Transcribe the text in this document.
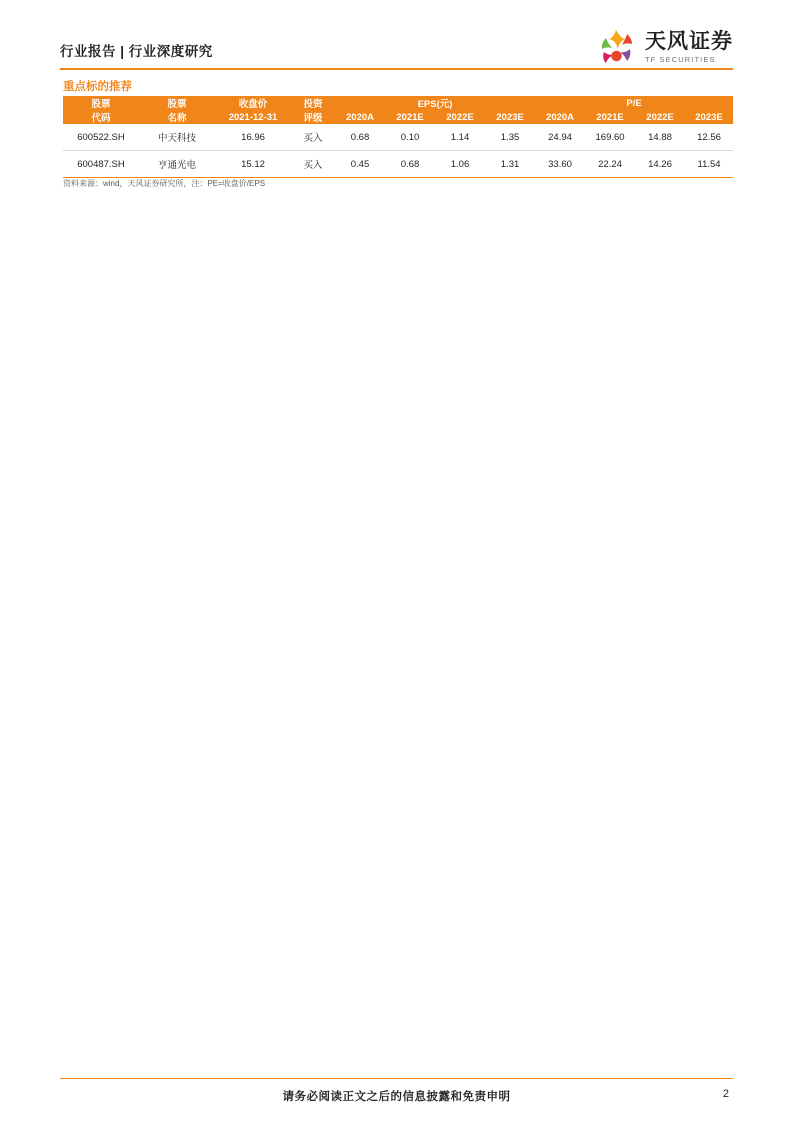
行业报告 | 行业深度研究	天风证券
TF SECURITIES
重点标的推荐
股票	股票	收盘价	投资	EPS(元)				P/E			
代码	名称	2021-12-31	评级	2020A	2021E	2022E	2023E	2020A	2021E	2022E	2023E
600522.SH	中天科技	16.96	买入	0.68	0.10	1.14	1.35	24.94	169.60	14.88	12.56
600487.SH	亨通光电	15.12	买入	0.45	0.68	1.06	1.31	33.60	22.24	14.26	11.54
资料来源：wind，天风证券研究所，注：PE=收盘价/EPS
请务必阅读正文之后的信息披露和免责申明	2
